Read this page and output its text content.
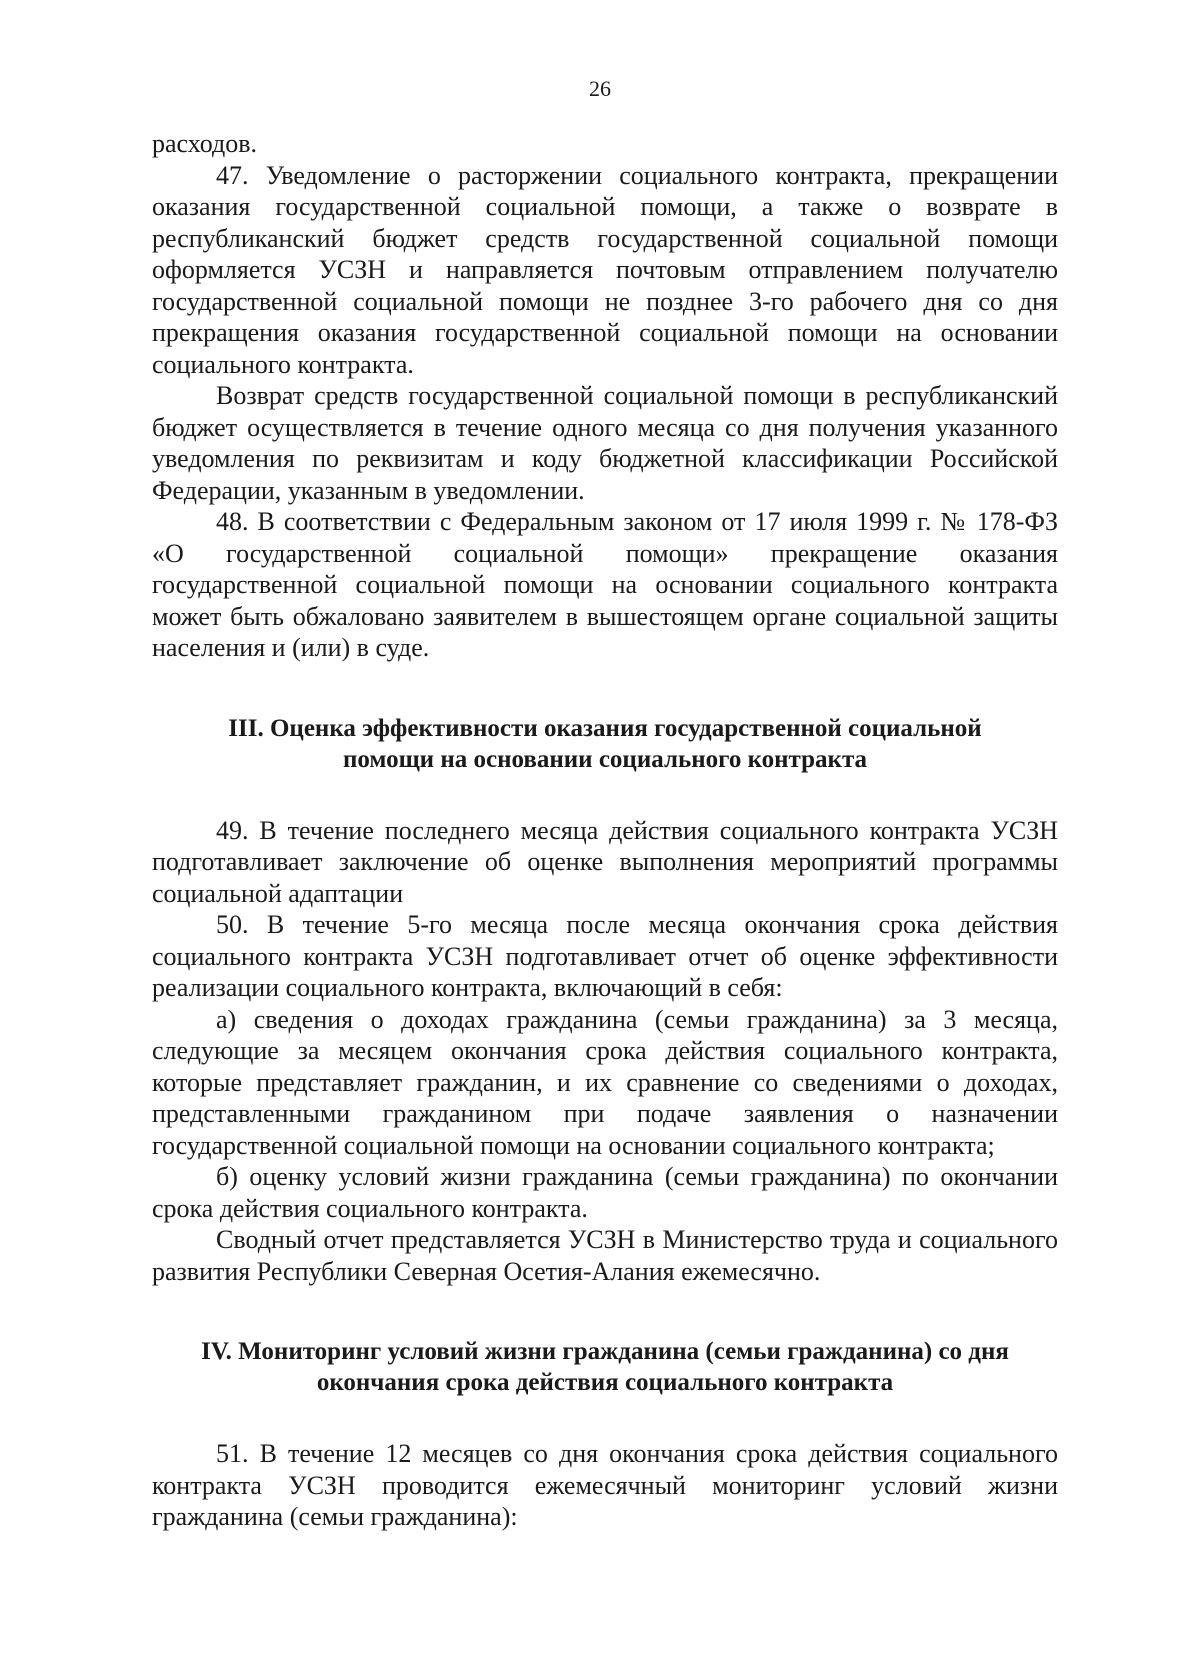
26

расходов.

47. Уведомление о расторжении социального контракта, прекращении оказания государственной социальной помощи, а также о возврате в республиканский бюджет средств государственной социальной помощи оформляется УСЗН и направляется почтовым отправлением получателю государственной социальной помощи не позднее 3-го рабочего дня со дня прекращения оказания государственной социальной помощи на основании социального контракта.

Возврат средств государственной социальной помощи в республиканский бюджет осуществляется в течение одного месяца со дня получения указанного уведомления по реквизитам и коду бюджетной классификации Российской Федерации, указанным в уведомлении.

48. В соответствии с Федеральным законом от 17 июля 1999 г. № 178-ФЗ «О государственной социальной помощи» прекращение оказания государственной социальной помощи на основании социального контракта может быть обжаловано заявителем в вышестоящем органе социальной защиты населения и (или) в суде.

III. Оценка эффективности оказания государственной социальной
помощи на основании социального контракта

49. В течение последнего месяца действия социального контракта УСЗН подготавливает заключение об оценке выполнения мероприятий программы социальной адаптации

50. В течение 5-го месяца после месяца окончания срока действия социального контракта УСЗН подготавливает отчет об оценке эффективности реализации социального контракта, включающий в себя:

а) сведения о доходах гражданина (семьи гражданина) за 3 месяца, следующие за месяцем окончания срока действия социального контракта, которые представляет гражданин, и их сравнение со сведениями о доходах, представленными гражданином при подаче заявления о назначении государственной социальной помощи на основании социального контракта;

б) оценку условий жизни гражданина (семьи гражданина) по окончании срока действия социального контракта.

Сводный отчет представляется УСЗН в Министерство труда и социального развития Республики Северная Осетия-Алания ежемесячно.

IV. Мониторинг условий жизни гражданина (семьи гражданина) со дня
окончания срока действия социального контракта

51. В течение 12 месяцев со дня окончания срока действия социального контракта УСЗН проводится ежемесячный мониторинг условий жизни гражданина (семьи гражданина):
